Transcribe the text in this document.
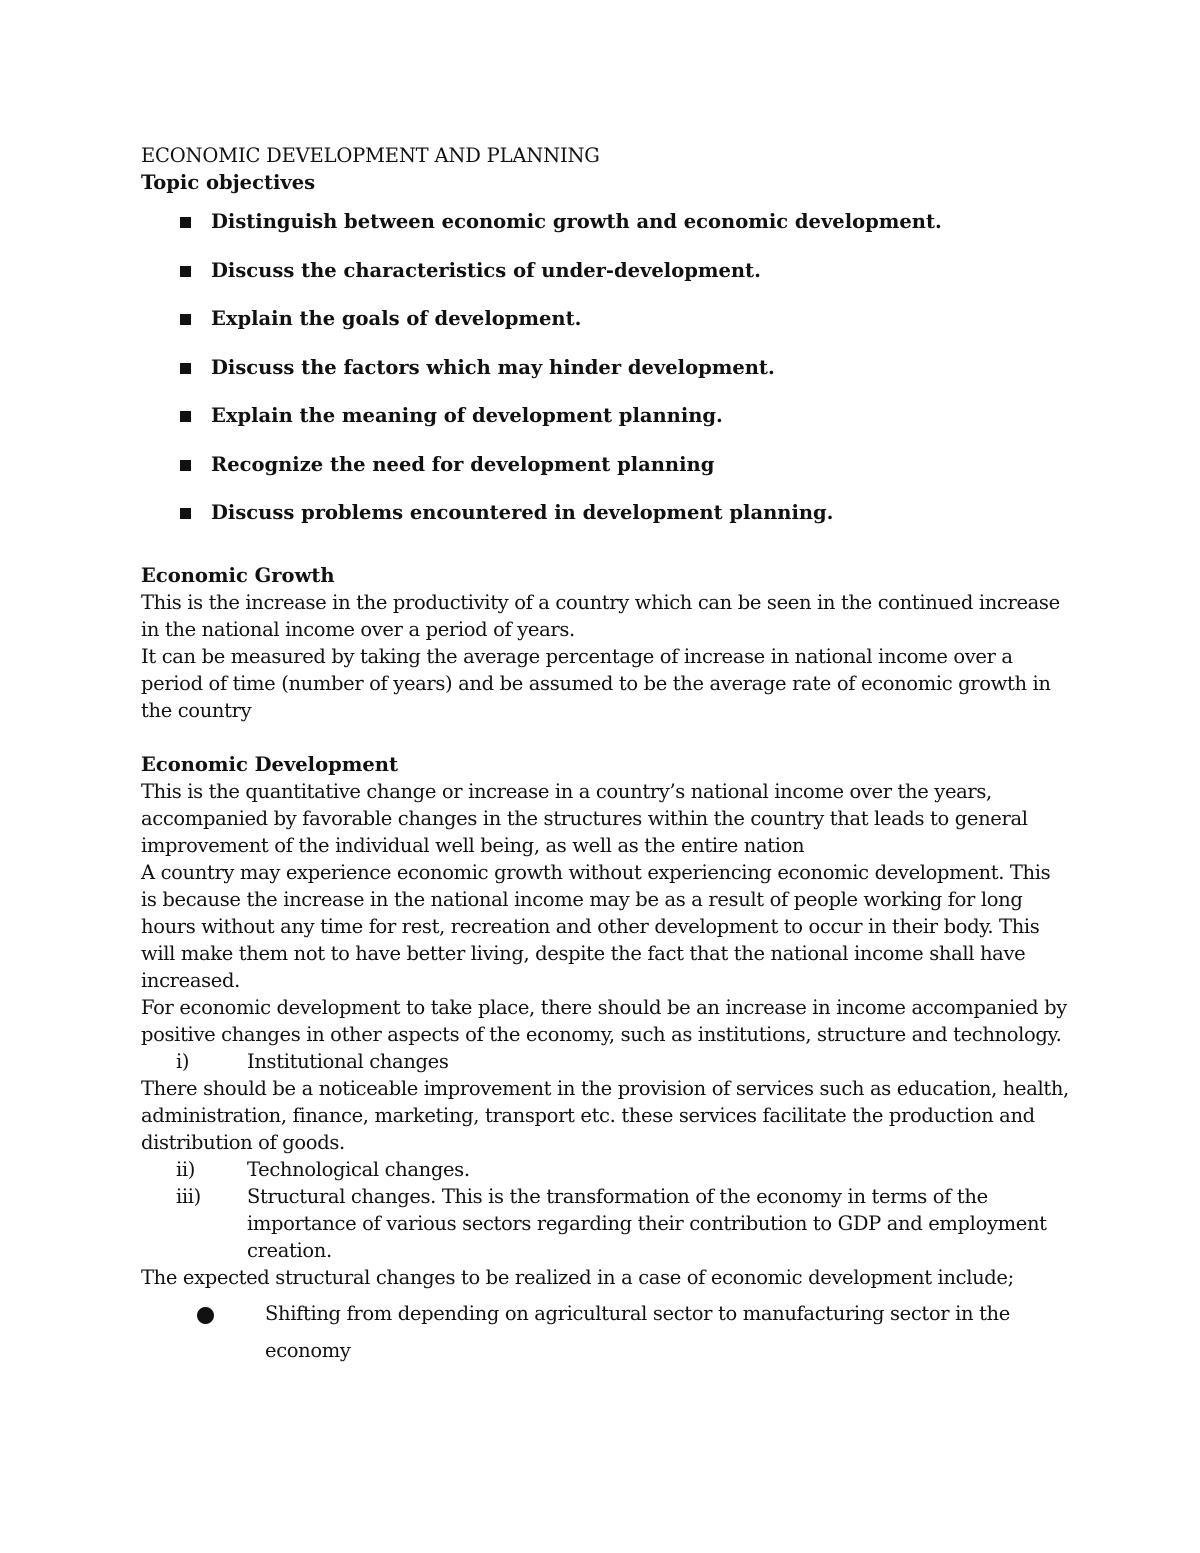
ECONOMIC DEVELOPMENT AND PLANNING
Topic objectives
Distinguish between economic growth and economic development.
Discuss the characteristics of under-development.
Explain the goals of development.
Discuss the factors which may hinder development.
Explain the meaning of development planning.
Recognize the need for development planning
Discuss problems encountered in development planning.
Economic Growth

This is the increase in the productivity of a country which can be seen in the continued increase in the national income over a period of years.

It can be measured by taking the average percentage of increase in national income over a period of time (number of years) and be assumed to be the average rate of economic growth in the country

Economic Development

This is the quantitative change or increase in a country’s national income over the years, accompanied by favorable changes in the structures within the country that leads to general improvement of the individual well being, as well as the entire nation

A country may experience economic growth without experiencing economic development. This is because the increase in the national income may be as a result of people working for long hours without any time for rest, recreation and other development to occur in their body. This will make them not to have better living, despite the fact that the national income shall have increased.

For economic development to take place, there should be an increase in income accompanied by positive changes in other aspects of the economy, such as institutions, structure and technology.

i)	Institutional changes

There should be a noticeable improvement in the provision of services such as education, health, administration, finance, marketing, transport etc. these services facilitate the production and distribution of goods.

ii)	Technological changes.
iii) Structural changes. This is the transformation of the economy in terms of the importance of various sectors regarding their contribution to GDP and employment creation.

The expected structural changes to be realized in a case of economic development include;

Shifting from depending on agricultural sector to manufacturing sector in the economy
